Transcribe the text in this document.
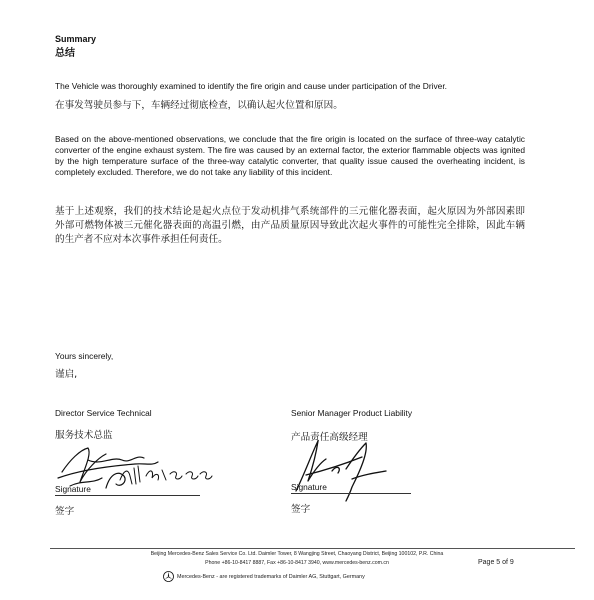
Summary
总结
The Vehicle was thoroughly examined to identify the fire origin and cause under participation of the Driver.
在事发驾驶员参与下，车辆经过彻底检查，以确认起火位置和原因。
Based on the above-mentioned observations, we conclude that the fire origin is located on the surface of three-way catalytic converter of the engine exhaust system. The fire was caused by an external factor, the exterior flammable objects was ignited by the high temperature surface of the three-way catalytic converter, that quality issue caused the overheating incident, is completely excluded. Therefore, we do not take any liability of this incident.
基于上述观察，我们的技术结论是起火点位于发动机排气系统部件的三元催化器表面，起火原因为外部因素即外部可燃物体被三元催化器表面的高温引燃，由产品质量原因导致此次起火事件的可能性完全排除，因此车辆的生产者不应对本次事件承担任何责任。
Yours sincerely,
谨启,
Director Service Technical
服务技术总监
Signature
签字
Senior Manager Product Liability
产品责任高级经理
Signature
签字
Beijing Mercedes-Benz Sales Service Co. Ltd. Daimler Tower, 8 Wangjing Street, Chaoyang District, Beijing 100102, P.R. China
Phone +86-10-8417 8887, Fax +86-10-8417 3940, www.mercedes-benz.com.cn	Page 5 of 9
Mercedes-Benz - are registered trademarks of Daimler AG, Stuttgart, Germany
